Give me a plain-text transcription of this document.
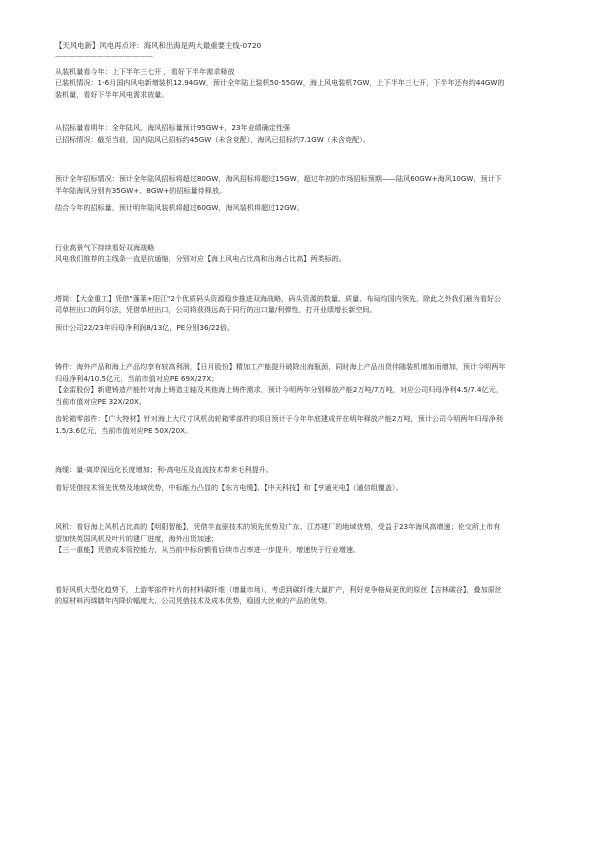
【天风电新】风电再点评：海风和出海是两大最重要主线-0720
——————————————
从装机量看今年：上下半年三七开 ，看好下半年需求释放
已装机情况：1-6月国内风电新增装机12.94GW，预计全年陆上装机50-55GW，海上风电装机7GW，上下半年三七开，下半年还有约44GW的
装机量，看好下半年风电需求放量。
从招标量看明年：全年陆风、海风招标量预计95GW+，23年业绩确定性强
已招标情况：截至当前，国内陆风已招标约45GW（未含竞配），海风已招标约7.1GW（未含竞配）。
预计全年招标情况：预计全年陆风招标将超过80GW，海风招标将超过15GW，超过年初的市场招标预期——陆风60GW+海风10GW，预计下
半年陆海风分别有35GW+、8GW+的招标量待释放。
结合今年的招标量，预计明年陆风装机将超过60GW，海风装机将超过12GW。
行业高景气下持续看好双海战略
风电我们推荐的主线条一直是抗通缩，分别对应【海上风电占比高和出海占比高】两类标的。
塔筒：【大金重工】凭借"蓬莱+阳江"2个优质码头资源稳步推进双海战略，码头资源的数量、质量、布局均国内领先，除此之外我们最为看好公
司单桩出口的阿尔法，凭借单桩出口，公司将获得远高于同行的出口量/利弹性，打开业绩增长新空间。
预计公司22/23年归母净利润8/13亿，PE分别36/22倍。
铸件：海外产品和海上产品均享有较高利润，【日月股份】精加工产能提升破除出海瓶颈，同时海上产品出货伴随装机增加而增加，预计今明两年
归母净利4/10.5亿元，当前市值对应PE 69X/27X；
【金雷股份】新建铸造产能针对海上铸造主轴及其他海上铸件需求，预计今明两年分别释放产能2万吨/7万吨，对应公司归母净利4.5/7.4亿元，
当前市值对应PE 32X/20X。
齿轮箱零部件：【广大特材】针对海上大尺寸风机齿轮箱零部件的项目预计于今年年底建成并在明年释放产能2万吨，预计公司今明两年归母净利
1.5/3.6亿元，当前市值对应PE 50X/20X。
海缆：量-离岸深远化长度增加；利-高电压及直流技术带来毛利提升。
看好凭借技术领先优势及地域优势，中标能力凸显的【东方电缆】、【中天科技】和【亨通光电】（通信组覆盖）。
风机：看好海上风机占比高的【明阳智能】，凭借半直驱技术的领先优势及广东、江苏建厂的地域优势，受益于23年海风高增速；伦交所上市有
望加快英国风机及叶片的建厂进度，海外出货加速；
【三一重能】凭借成本管控能力，从当前中标份额看后续市占率进一步提升，增速快于行业增速。
看好风机大型化趋势下，上游零部件叶片的材料碳纤维（增量市场），考虑到碳纤维大量扩产，利好竞争格局更优的原丝【吉林碳谷】，叠加原丝
的原材料丙烯腈年内降价幅度大，公司凭借技术及成本优势，稳固大丝束的产品的优势。
